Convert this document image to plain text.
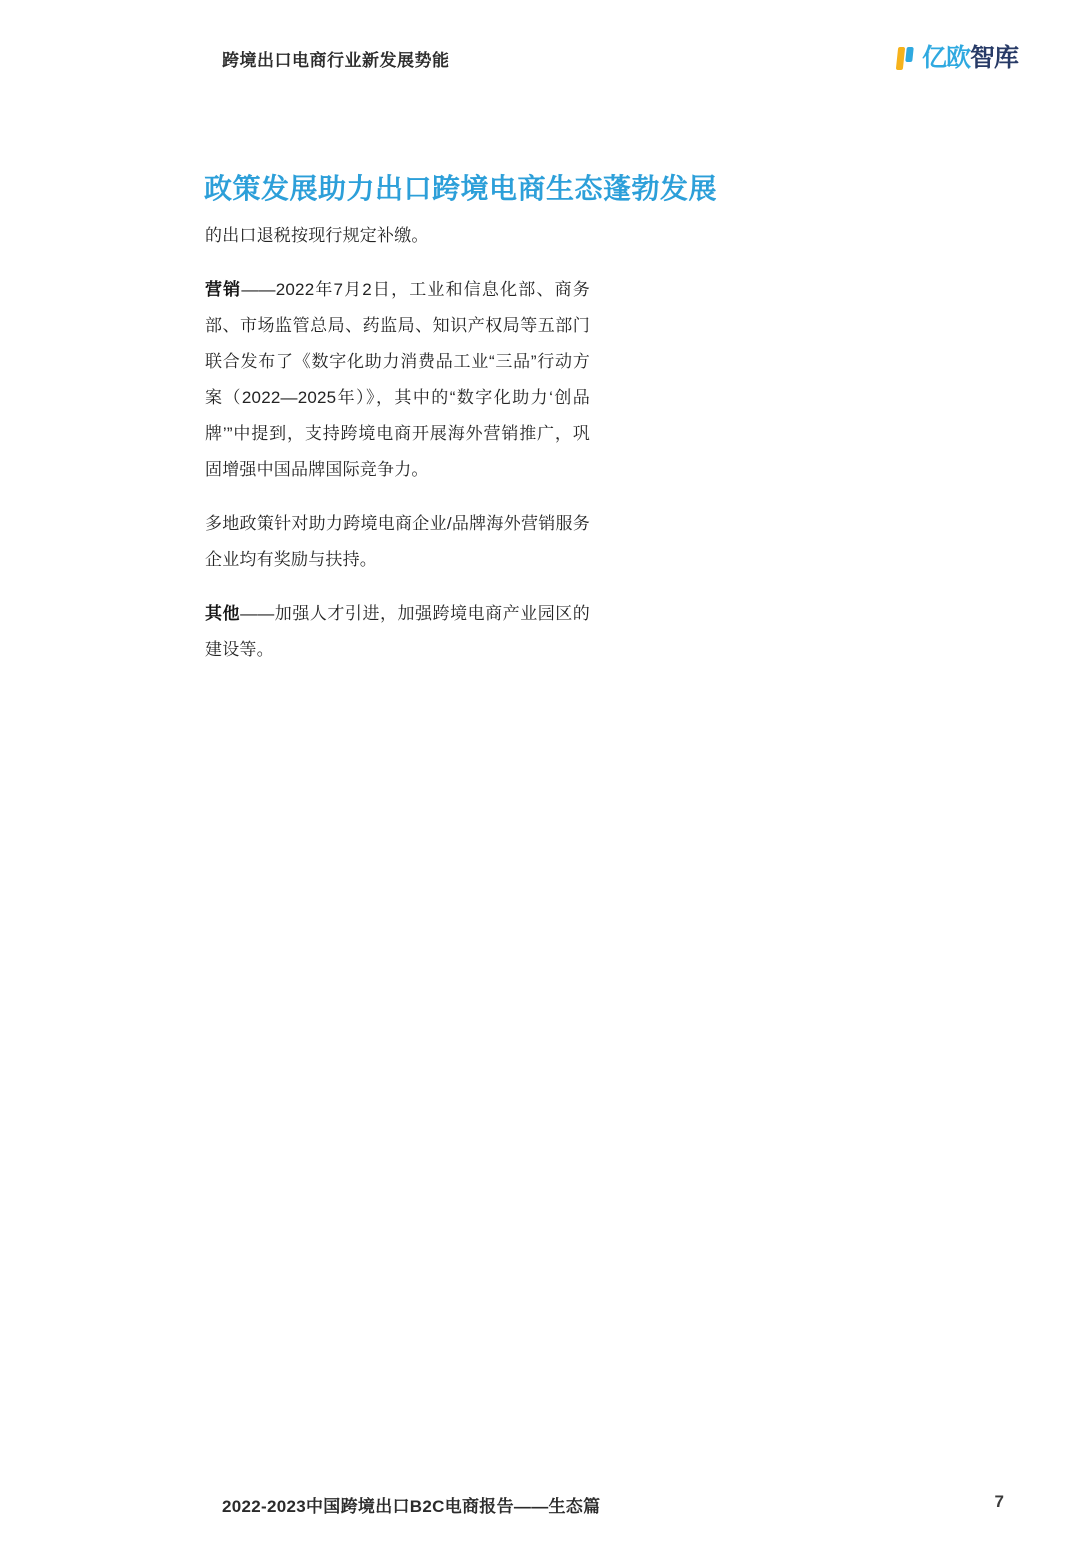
跨境出口电商行业新发展势能	亿欧智库
政策发展助力出口跨境电商生态蓬勃发展

的出口退税按现行规定补缴。

营销——2022年7月2日，工业和信息化部、商务部、市场监管总局、药监局、知识产权局等五部门联合发布了《数字化助力消费品工业“三品”行动方案（2022—2025年）》，其中的“数字化助力‘创品牌’”中提到，支持跨境电商开展海外营销推广，巩固增强中国品牌国际竞争力。

多地政策针对助力跨境电商企业/品牌海外营销服务企业均有奖励与扶持。

其他——加强人才引进，加强跨境电商产业园区的建设等。

2022-2023中国跨境出口B2C电商报告——生态篇	7
